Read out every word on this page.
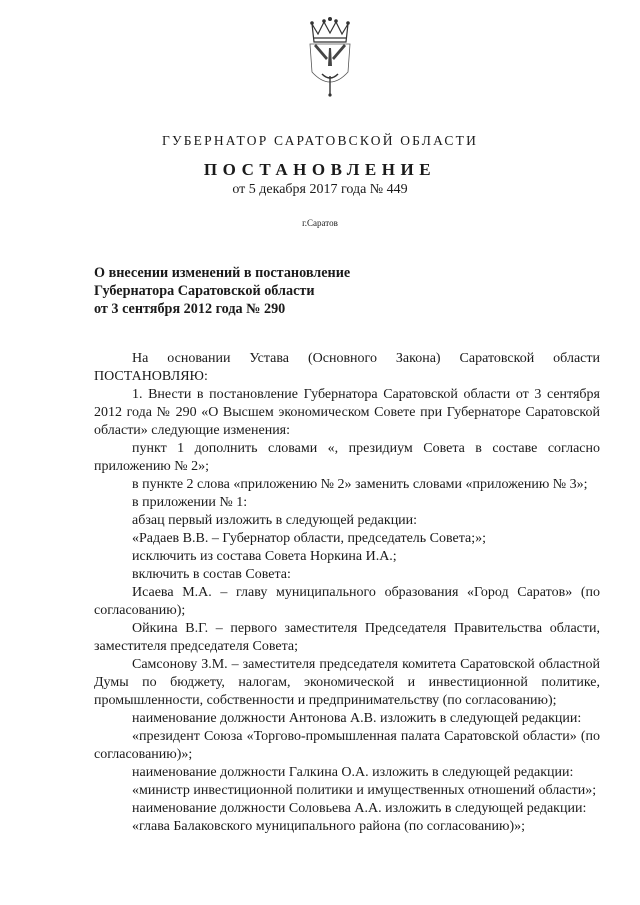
ГУБЕРНАТОР САРАТОВСКОЙ ОБЛАСТИ
ПОСТАНОВЛЕНИЕ
от 5 декабря 2017 года № 449
г.Саратов
О внесении изменений в постановление
Губернатора Саратовской области
от 3 сентября 2012 года № 290

На основании Устава (Основного Закона) Саратовской области ПОСТАНОВЛЯЮ:

1. Внести в постановление Губернатора Саратовской области от 3 сентября 2012 года № 290 «О Высшем экономическом Совете при Губернаторе Саратовской области» следующие изменения:

пункт 1 дополнить словами «, президиум Совета в составе согласно приложению № 2»;

в пункте 2 слова «приложению № 2» заменить словами «приложению № 3»;

в приложении № 1:

абзац первый изложить в следующей редакции:

«Радаев В.В. – Губернатор области, председатель Совета;»;

исключить из состава Совета Норкина И.А.;

включить в состав Совета:

Исаева М.А. – главу муниципального образования «Город Саратов» (по согласованию);

Ойкина В.Г. – первого заместителя Председателя Правительства области, заместителя председателя Совета;

Самсонову З.М. – заместителя председателя комитета Саратовской областной Думы по бюджету, налогам, экономической и инвестиционной политике, промышленности, собственности и предпринимательству (по согласованию);

наименование должности Антонова А.В. изложить в следующей редакции:

«президент Союза «Торгово-промышленная палата Саратовской области» (по согласованию)»;

наименование должности Галкина О.А. изложить в следующей редакции:

«министр инвестиционной политики и имущественных отношений области»;

наименование должности Соловьева А.А. изложить в следующей редакции:

«глава Балаковского муниципального района (по согласованию)»;
